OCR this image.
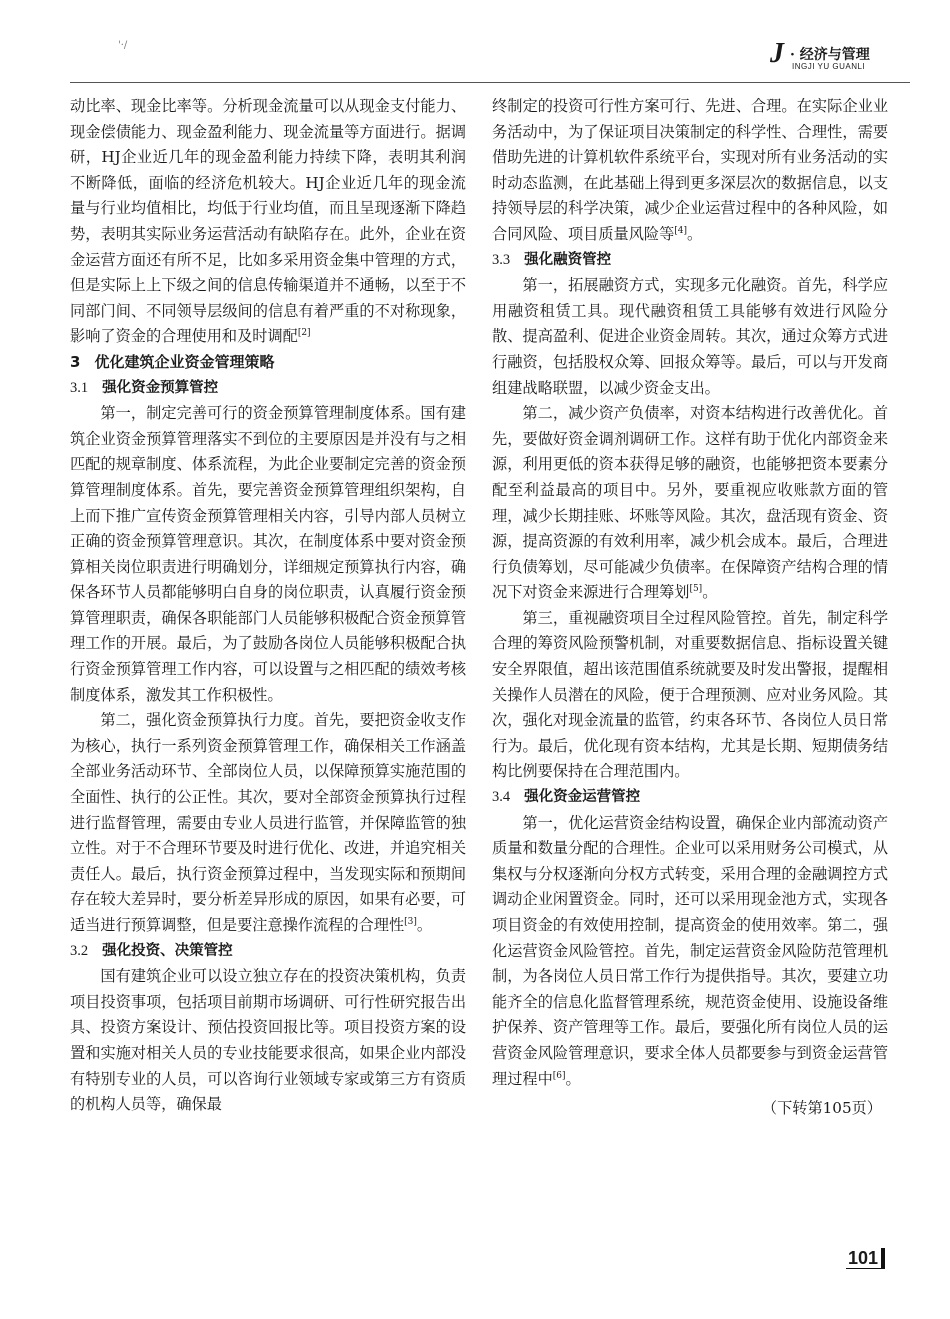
'·/	J · 经济与管理
INGJI YU GUANLI

动比率、现金比率等。分析现金流量可以从现金支付能力、现金偿债能力、现金盈利能力、现金流量等方面进行。据调研，HJ企业近几年的现金盈利能力持续下降，表明其利润不断降低，面临的经济危机较大。HJ企业近几年的现金流量与行业均值相比，均低于行业均值，而且呈现逐渐下降趋势，表明其实际业务运营活动有缺陷存在。此外，企业在资金运营方面还有所不足，比如多采用资金集中管理的方式，但是实际上上下级之间的信息传输渠道并不通畅，以至于不同部门间、不同领导层级间的信息有着严重的不对称现象，影响了资金的合理使用和及时调配[2]

3 优化建筑企业资金管理策略
3.1 强化资金预算管控

第一，制定完善可行的资金预算管理制度体系。国有建筑企业资金预算管理落实不到位的主要原因是并没有与之相匹配的规章制度、体系流程，为此企业要制定完善的资金预算管理制度体系。首先，要完善资金预算管理组织架构，自上而下推广宣传资金预算管理相关内容，引导内部人员树立正确的资金预算管理意识。其次，在制度体系中要对资金预算相关岗位职责进行明确划分，详细规定预算执行内容，确保各环节人员都能够明白自身的岗位职责，认真履行资金预算管理职责，确保各职能部门人员能够积极配合资金预算管理工作的开展。最后，为了鼓励各岗位人员能够积极配合执行资金预算管理工作内容，可以设置与之相匹配的绩效考核制度体系，激发其工作积极性。

第二，强化资金预算执行力度。首先，要把资金收支作为核心，执行一系列资金预算管理工作，确保相关工作涵盖全部业务活动环节、全部岗位人员，以保障预算实施范围的全面性、执行的公正性。其次，要对全部资金预算执行过程进行监督管理，需要由专业人员进行监管，并保障监管的独立性。对于不合理环节要及时进行优化、改进，并追究相关责任人。最后，执行资金预算过程中，当发现实际和预期间存在较大差异时，要分析差异形成的原因，如果有必要，可适当进行预算调整，但是要注意操作流程的合理性[3]。

3.2 强化投资、决策管控

国有建筑企业可以设立独立存在的投资决策机构，负责项目投资事项，包括项目前期市场调研、可行性研究报告出具、投资方案设计、预估投资回报比等。项目投资方案的设置和实施对相关人员的专业技能要求很高，如果企业内部没有特别专业的人员，可以咨询行业领域专家或第三方有资质的机构人员等，确保最

终制定的投资可行性方案可行、先进、合理。在实际企业业务活动中，为了保证项目决策制定的科学性、合理性，需要借助先进的计算机软件系统平台，实现对所有业务活动的实时动态监测，在此基础上得到更多深层次的数据信息，以支持领导层的科学决策，减少企业运营过程中的各种风险，如合同风险、项目质量风险等[4]。

3.3 强化融资管控

第一，拓展融资方式，实现多元化融资。首先，科学应用融资租赁工具。现代融资租赁工具能够有效进行风险分散、提高盈利、促进企业资金周转。其次，通过众筹方式进行融资，包括股权众筹、回报众筹等。最后，可以与开发商组建战略联盟，以减少资金支出。

第二，减少资产负债率，对资本结构进行改善优化。首先，要做好资金调剂调研工作。这样有助于优化内部资金来源，利用更低的资本获得足够的融资，也能够把资本要素分配至利益最高的项目中。另外，要重视应收账款方面的管理，减少长期挂账、坏账等风险。其次，盘活现有资金、资源，提高资源的有效利用率，减少机会成本。最后，合理进行负债筹划，尽可能减少负债率。在保障资产结构合理的情况下对资金来源进行合理筹划[5]。

第三，重视融资项目全过程风险管控。首先，制定科学合理的筹资风险预警机制，对重要数据信息、指标设置关键安全界限值，超出该范围值系统就要及时发出警报，提醒相关操作人员潜在的风险，便于合理预测、应对业务风险。其次，强化对现金流量的监管，约束各环节、各岗位人员日常行为。最后，优化现有资本结构，尤其是长期、短期债务结构比例要保持在合理范围内。

3.4 强化资金运营管控

第一，优化运营资金结构设置，确保企业内部流动资产质量和数量分配的合理性。企业可以采用财务公司模式，从集权与分权逐渐向分权方式转变，采用合理的金融调控方式调动企业闲置资金。同时，还可以采用现金池方式，实现各项目资金的有效使用控制，提高资金的使用效率。第二，强化运营资金风险管控。首先，制定运营资金风险防范管理机制，为各岗位人员日常工作行为提供指导。其次，要建立功能齐全的信息化监督管理系统，规范资金使用、设施设备维护保养、资产管理等工作。最后，要强化所有岗位人员的运营资金风险管理意识，要求全体人员都要参与到资金运营管理过程中[6]。

（下转第105页）

101
